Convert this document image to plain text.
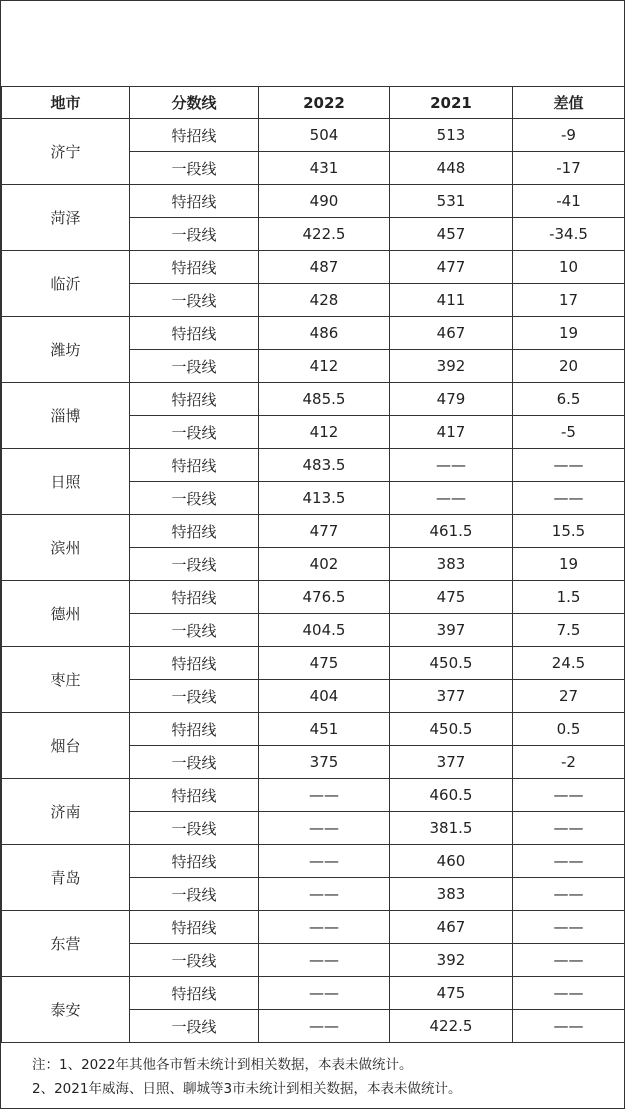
地市	分数线	2022	2021	差值
济宁	特招线	504	513	-9
	一段线	431	448	-17
菏泽	特招线	490	531	-41
	一段线	422.5	457	-34.5
临沂	特招线	487	477	10
	一段线	428	411	17
潍坊	特招线	486	467	19
	一段线	412	392	20
淄博	特招线	485.5	479	6.5
	一段线	412	417	-5
日照	特招线	483.5	——	——
	一段线	413.5	——	——
滨州	特招线	477	461.5	15.5
	一段线	402	383	19
德州	特招线	476.5	475	1.5
	一段线	404.5	397	7.5
枣庄	特招线	475	450.5	24.5
	一段线	404	377	27
烟台	特招线	451	450.5	0.5
	一段线	375	377	-2
济南	特招线	——	460.5	——
	一段线	——	381.5	——
青岛	特招线	——	460	——
	一段线	——	383	——
东营	特招线	——	467	——
	一段线	——	392	——
泰安	特招线	——	475	——
	一段线	——	422.5	——
注：1、2022年其他各市暂未统计到相关数据，本表未做统计。
2、2021年威海、日照、聊城等3市未统计到相关数据，本表未做统计。
